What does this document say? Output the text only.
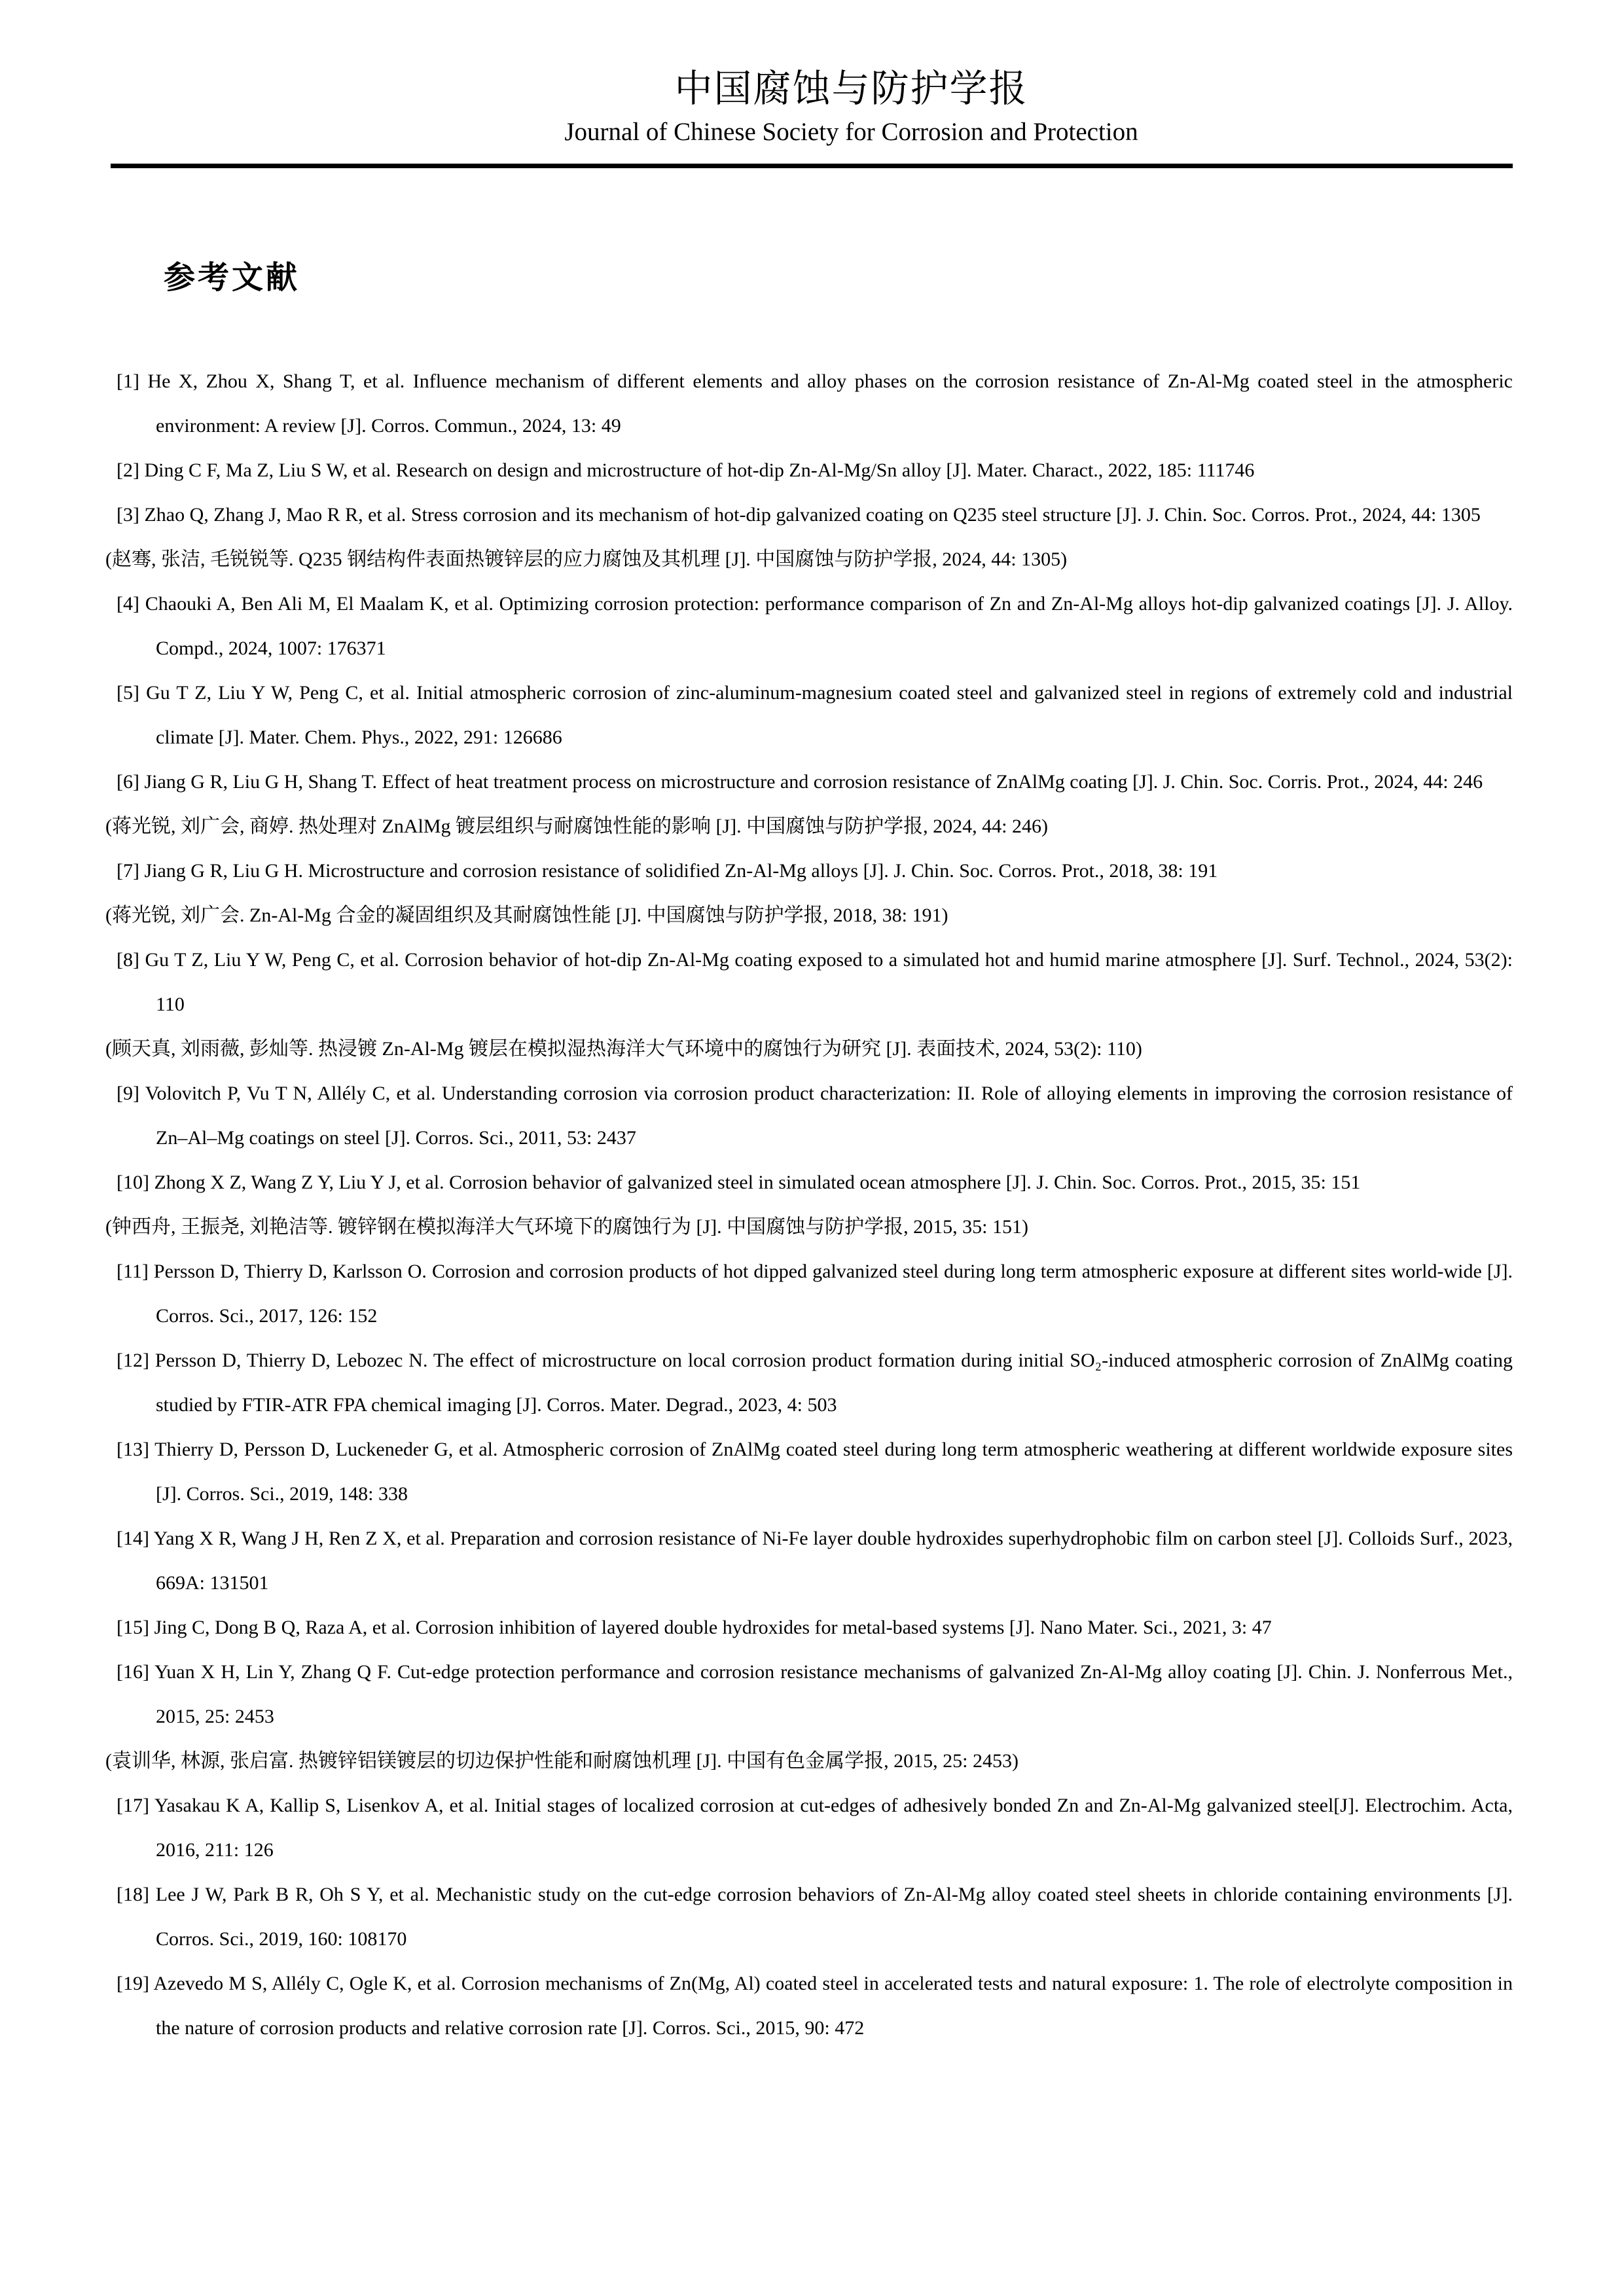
中国腐蚀与防护学报
Journal of Chinese Society for Corrosion and Protection
参考文献
[1] He X, Zhou X, Shang T, et al. Influence mechanism of different elements and alloy phases on the corrosion resistance of Zn-Al-Mg coated steel in the atmospheric environment: A review [J]. Corros. Commun., 2024, 13: 49
[2] Ding C F, Ma Z, Liu S W, et al. Research on design and microstructure of hot-dip Zn-Al-Mg/Sn alloy [J]. Mater. Charact., 2022, 185: 111746
[3] Zhao Q, Zhang J, Mao R R, et al. Stress corrosion and its mechanism of hot-dip galvanized coating on Q235 steel structure [J]. J. Chin. Soc. Corros. Prot., 2024, 44: 1305
(赵骞, 张洁, 毛锐锐等. Q235 钢结构件表面热镀锌层的应力腐蚀及其机理 [J]. 中国腐蚀与防护学报, 2024, 44: 1305)
[4] Chaouki A, Ben Ali M, El Maalam K, et al. Optimizing corrosion protection: performance comparison of Zn and Zn-Al-Mg alloys hot-dip galvanized coatings [J]. J. Alloy. Compd., 2024, 1007: 176371
[5] Gu T Z, Liu Y W, Peng C, et al. Initial atmospheric corrosion of zinc-aluminum-magnesium coated steel and galvanized steel in regions of extremely cold and industrial climate [J]. Mater. Chem. Phys., 2022, 291: 126686
[6] Jiang G R, Liu G H, Shang T. Effect of heat treatment process on microstructure and corrosion resistance of ZnAlMg coating [J]. J. Chin. Soc. Corris. Prot., 2024, 44: 246
(蒋光锐, 刘广会, 商婷. 热处理对 ZnAlMg 镀层组织与耐腐蚀性能的影响 [J]. 中国腐蚀与防护学报, 2024, 44: 246)
[7] Jiang G R, Liu G H. Microstructure and corrosion resistance of solidified Zn-Al-Mg alloys [J]. J. Chin. Soc. Corros. Prot., 2018, 38: 191
(蒋光锐, 刘广会. Zn-Al-Mg 合金的凝固组织及其耐腐蚀性能 [J]. 中国腐蚀与防护学报, 2018, 38: 191)
[8] Gu T Z, Liu Y W, Peng C, et al. Corrosion behavior of hot-dip Zn-Al-Mg coating exposed to a simulated hot and humid marine atmosphere [J]. Surf. Technol., 2024, 53(2): 110
(顾天真, 刘雨薇, 彭灿等. 热浸镀 Zn-Al-Mg 镀层在模拟湿热海洋大气环境中的腐蚀行为研究 [J]. 表面技术, 2024, 53(2): 110)
[9] Volovitch P, Vu T N, Allély C, et al. Understanding corrosion via corrosion product characterization: II. Role of alloying elements in improving the corrosion resistance of Zn–Al–Mg coatings on steel [J]. Corros. Sci., 2011, 53: 2437
[10] Zhong X Z, Wang Z Y, Liu Y J, et al. Corrosion behavior of galvanized steel in simulated ocean atmosphere [J]. J. Chin. Soc. Corros. Prot., 2015, 35: 151
(钟西舟, 王振尧, 刘艳洁等. 镀锌钢在模拟海洋大气环境下的腐蚀行为 [J]. 中国腐蚀与防护学报, 2015, 35: 151)
[11] Persson D, Thierry D, Karlsson O. Corrosion and corrosion products of hot dipped galvanized steel during long term atmospheric exposure at different sites world-wide [J]. Corros. Sci., 2017, 126: 152
[12] Persson D, Thierry D, Lebozec N. The effect of microstructure on local corrosion product formation during initial SO₂-induced atmospheric corrosion of ZnAlMg coating studied by FTIR-ATR FPA chemical imaging [J]. Corros. Mater. Degrad., 2023, 4: 503
[13] Thierry D, Persson D, Luckeneder G, et al. Atmospheric corrosion of ZnAlMg coated steel during long term atmospheric weathering at different worldwide exposure sites [J]. Corros. Sci., 2019, 148: 338
[14] Yang X R, Wang J H, Ren Z X, et al. Preparation and corrosion resistance of Ni-Fe layer double hydroxides superhydrophobic film on carbon steel [J]. Colloids Surf., 2023, 669A: 131501
[15] Jing C, Dong B Q, Raza A, et al. Corrosion inhibition of layered double hydroxides for metal-based systems [J]. Nano Mater. Sci., 2021, 3: 47
[16] Yuan X H, Lin Y, Zhang Q F. Cut-edge protection performance and corrosion resistance mechanisms of galvanized Zn-Al-Mg alloy coating [J]. Chin. J. Nonferrous Met., 2015, 25: 2453
(袁训华, 林源, 张启富. 热镀锌铝镁镀层的切边保护性能和耐腐蚀机理 [J]. 中国有色金属学报, 2015, 25: 2453)
[17] Yasakau K A, Kallip S, Lisenkov A, et al. Initial stages of localized corrosion at cut-edges of adhesively bonded Zn and Zn-Al-Mg galvanized steel[J]. Electrochim. Acta, 2016, 211: 126
[18] Lee J W, Park B R, Oh S Y, et al. Mechanistic study on the cut-edge corrosion behaviors of Zn-Al-Mg alloy coated steel sheets in chloride containing environments [J]. Corros. Sci., 2019, 160: 108170
[19] Azevedo M S, Allély C, Ogle K, et al. Corrosion mechanisms of Zn(Mg, Al) coated steel in accelerated tests and natural exposure: 1. The role of electrolyte composition in the nature of corrosion products and relative corrosion rate [J]. Corros. Sci., 2015, 90: 472
